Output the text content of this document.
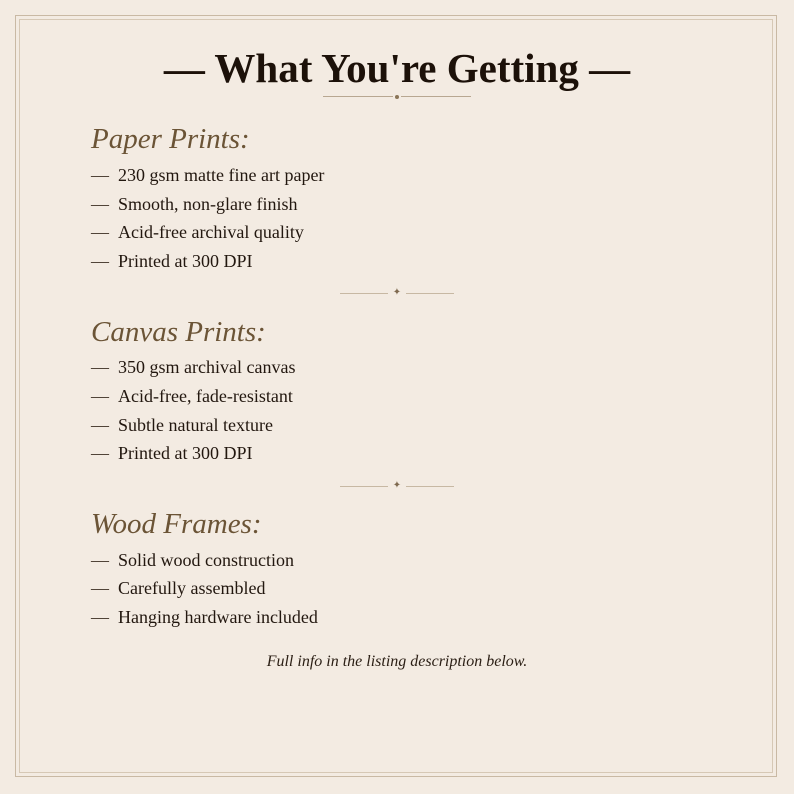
— What You're Getting —
Paper Prints:
— 230 gsm matte fine art paper
— Smooth, non-glare finish
— Acid-free archival quality
— Printed at 300 DPI
✦
Canvas Prints:
— 350 gsm archival canvas
— Acid-free, fade-resistant
— Subtle natural texture
— Printed at 300 DPI
✦
Wood Frames:
— Solid wood construction
— Carefully assembled
— Hanging hardware included

Full info in the listing description below.
